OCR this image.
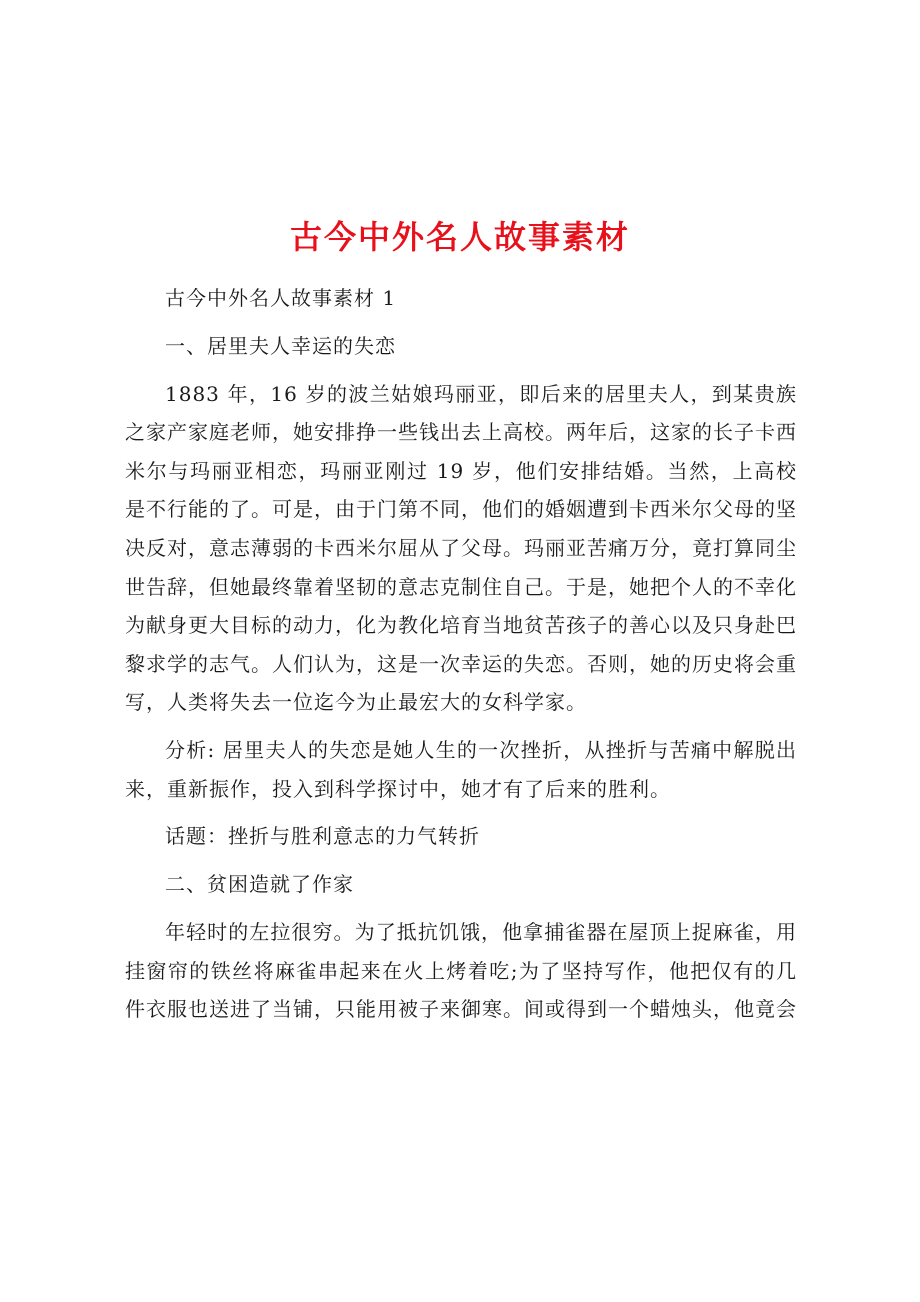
古今中外名人故事素材

古今中外名人故事素材 1

一、居里夫人幸运的失恋

1883 年，16 岁的波兰姑娘玛丽亚，即后来的居里夫人，到某贵族之家产家庭老师，她安排挣一些钱出去上高校。两年后，这家的长子卡西米尔与玛丽亚相恋，玛丽亚刚过 19 岁，他们安排结婚。当然，上高校是不行能的了。可是，由于门第不同，他们的婚姻遭到卡西米尔父母的坚决反对，意志薄弱的卡西米尔屈从了父母。玛丽亚苦痛万分，竟打算同尘世告辞，但她最终靠着坚韧的意志克制住自己。于是，她把个人的不幸化为献身更大目标的动力，化为教化培育当地贫苦孩子的善心以及只身赴巴黎求学的志气。人们认为，这是一次幸运的失恋。否则，她的历史将会重写，人类将失去一位迄今为止最宏大的女科学家。

分析: 居里夫人的失恋是她人生的一次挫折，从挫折与苦痛中解脱出来，重新振作，投入到科学探讨中，她才有了后来的胜利。

话题：挫折与胜利意志的力气转折

二、贫困造就了作家

年轻时的左拉很穷。为了抵抗饥饿，他拿捕雀器在屋顶上捉麻雀，用挂窗帘的铁丝将麻雀串起来在火上烤着吃;为了坚持写作，他把仅有的几件衣服也送进了当铺，只能用被子来御寒。间或得到一个蜡烛头，他竟会
